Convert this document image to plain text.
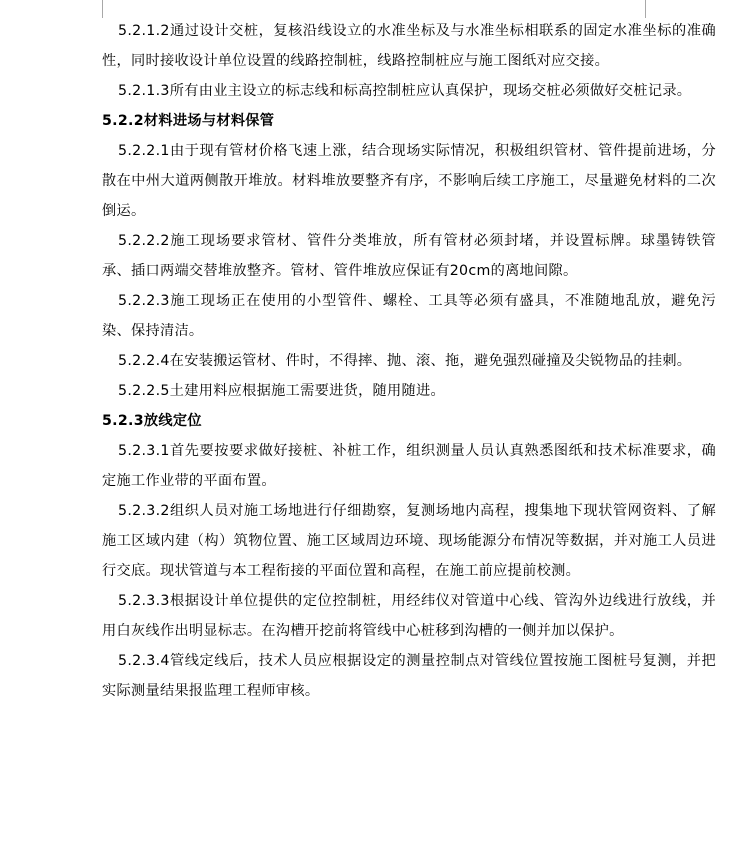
5.2.1.2通过设计交桩，复核沿线设立的水准坐标及与水准坐标相联系的固定水准坐标的准确性，同时接收设计单位设置的线路控制桩，线路控制桩应与施工图纸对应交接。

5.2.1.3所有由业主设立的标志线和标高控制桩应认真保护，现场交桩必须做好交桩记录。

5.2.2材料进场与材料保管

5.2.2.1由于现有管材价格飞速上涨，结合现场实际情况，积极组织管材、管件提前进场，分散在中州大道两侧散开堆放。材料堆放要整齐有序，不影响后续工序施工，尽量避免材料的二次倒运。

5.2.2.2施工现场要求管材、管件分类堆放，所有管材必须封堵，并设置标牌。球墨铸铁管承、插口两端交替堆放整齐。管材、管件堆放应保证有20cm的离地间隙。

5.2.2.3施工现场正在使用的小型管件、螺栓、工具等必须有盛具，不准随地乱放，避免污染、保持清洁。

5.2.2.4在安装搬运管材、件时，不得摔、抛、滚、拖，避免强烈碰撞及尖锐物品的挂刺。

5.2.2.5土建用料应根据施工需要进货，随用随进。

5.2.3放线定位

5.2.3.1首先要按要求做好接桩、补桩工作，组织测量人员认真熟悉图纸和技术标准要求，确定施工作业带的平面布置。

5.2.3.2组织人员对施工场地进行仔细勘察，复测场地内高程，搜集地下现状管网资料、了解施工区域内建（构）筑物位置、施工区域周边环境、现场能源分布情况等数据，并对施工人员进行交底。现状管道与本工程衔接的平面位置和高程，在施工前应提前校测。

5.2.3.3根据设计单位提供的定位控制桩，用经纬仪对管道中心线、管沟外边线进行放线，并用白灰线作出明显标志。在沟槽开挖前将管线中心桩移到沟槽的一侧并加以保护。

5.2.3.4管线定线后，技术人员应根据设定的测量控制点对管线位置按施工图桩号复测，并把实际测量结果报监理工程师审核。
